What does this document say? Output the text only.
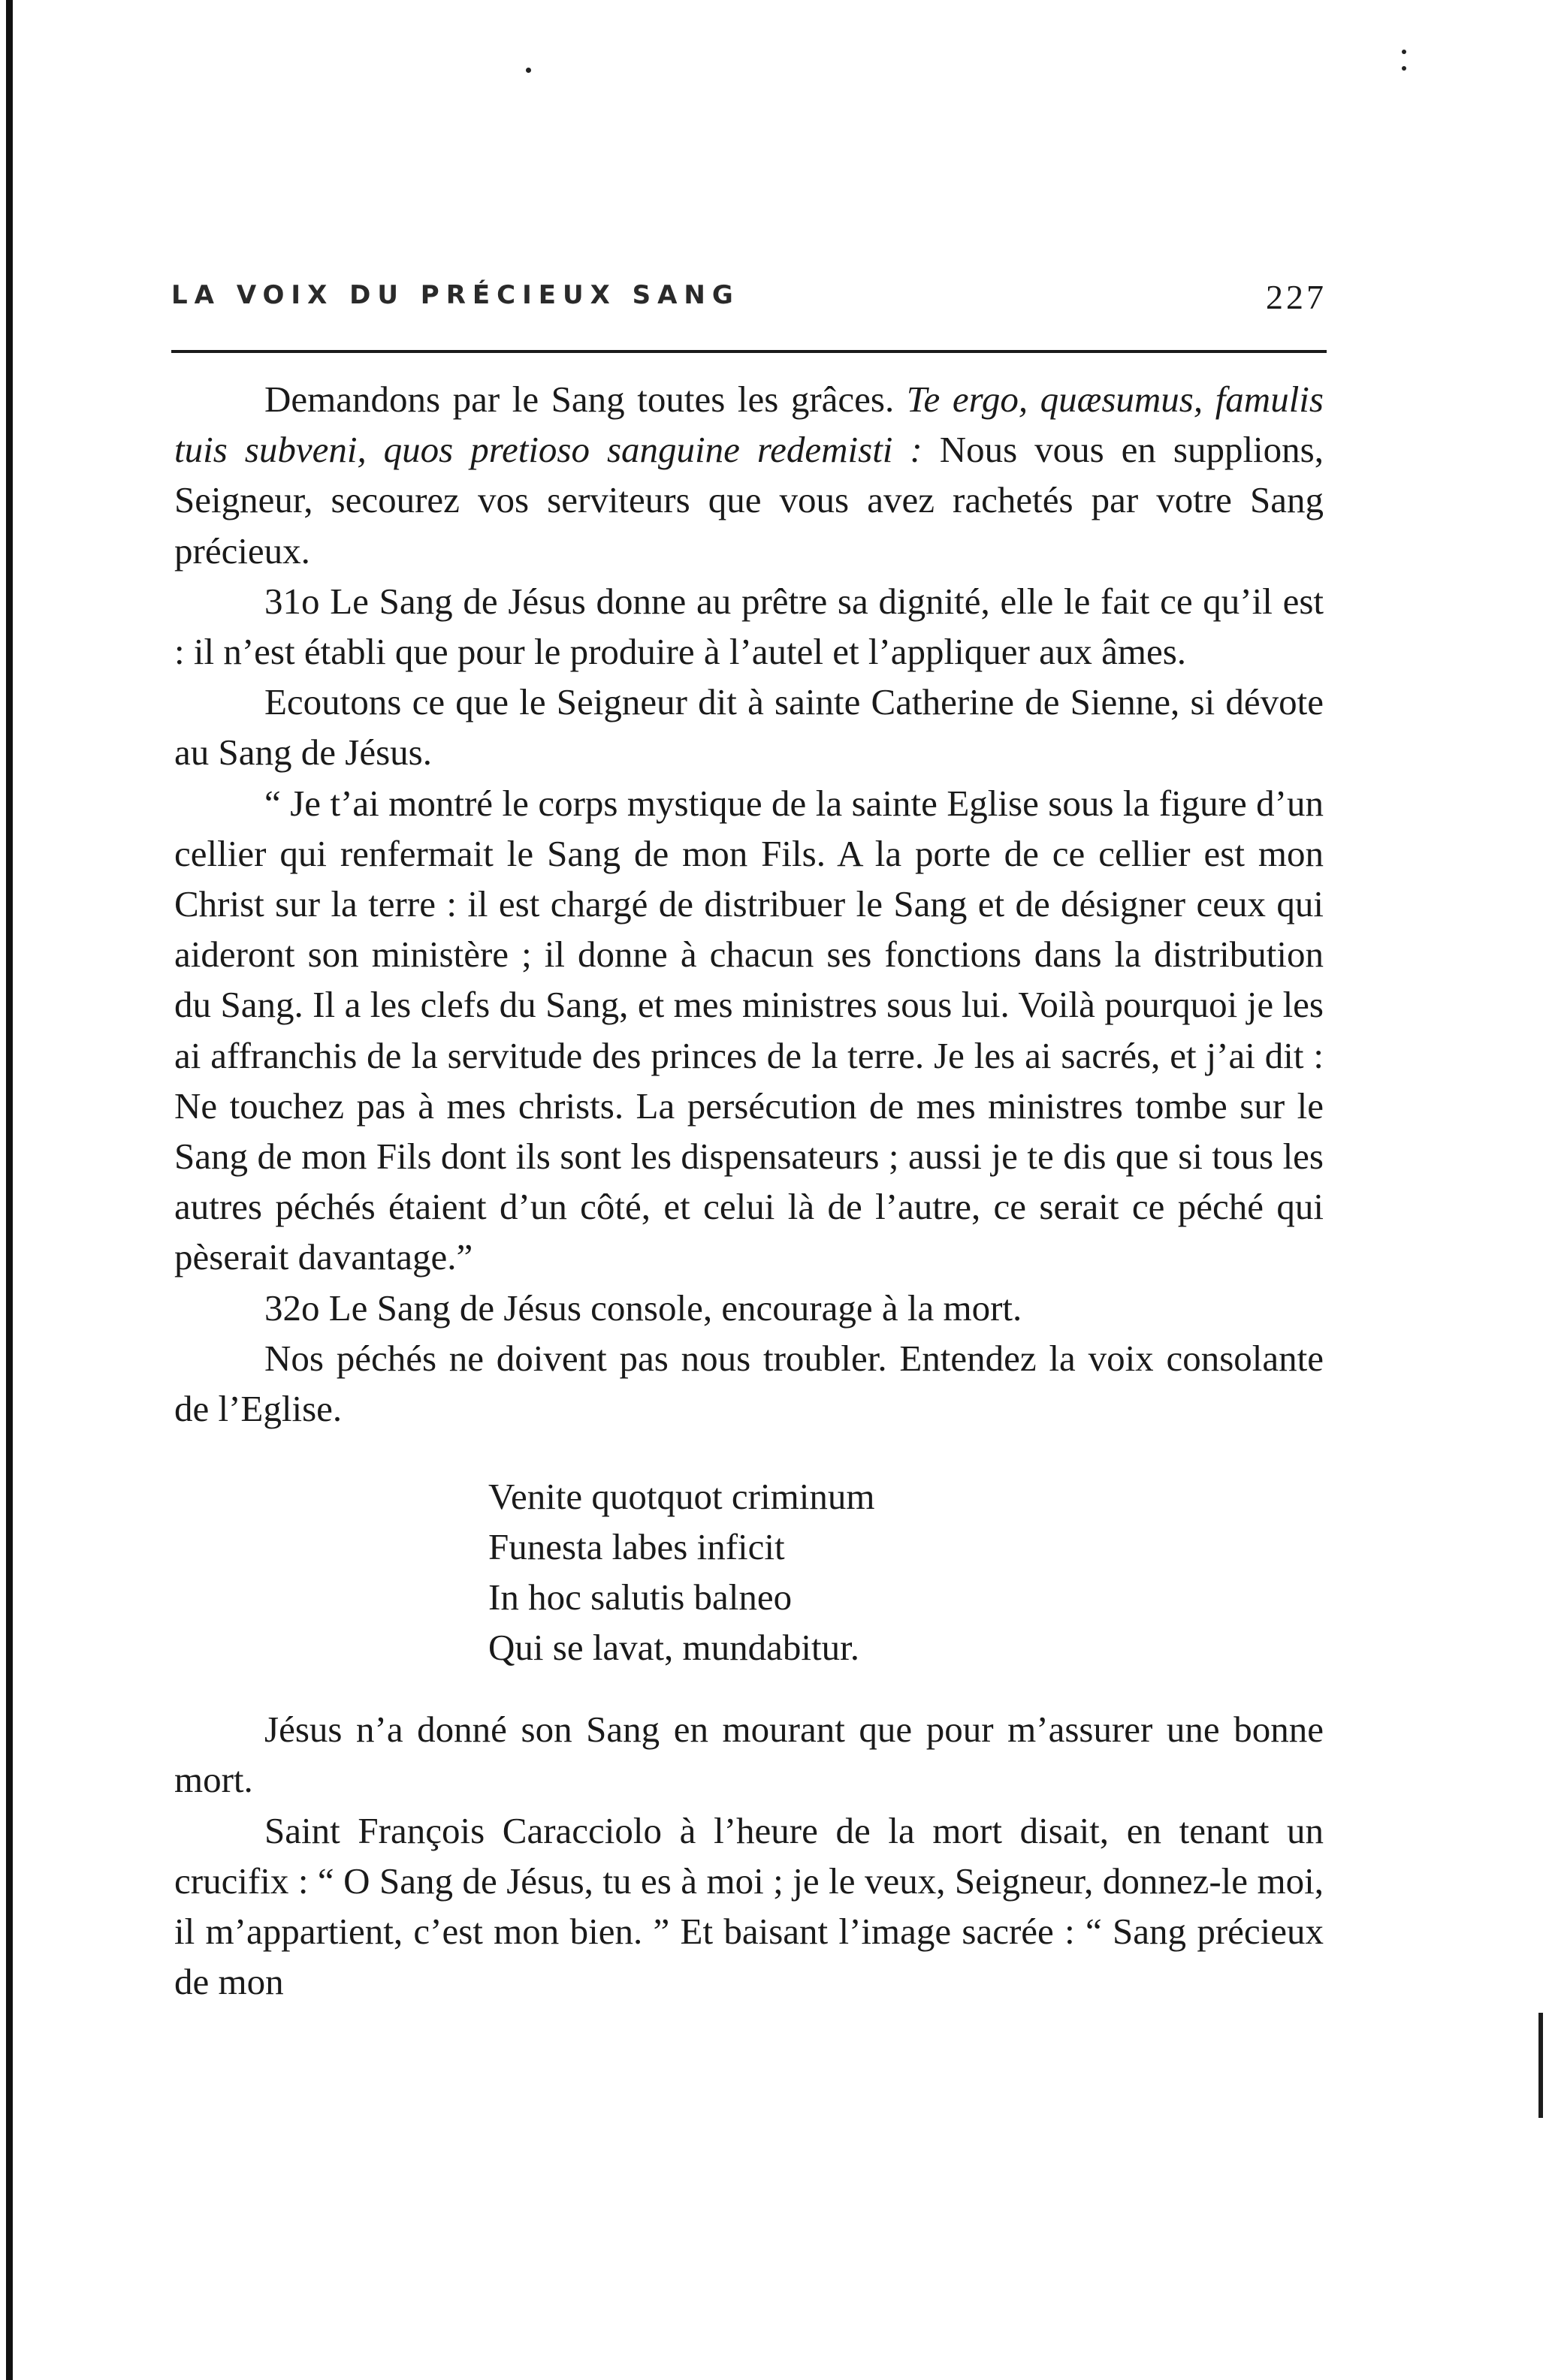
LA VOIX DU PRÉCIEUX SANG	227

Demandons par le Sang toutes les grâces. Te ergo, quæsumus, famulis tuis subveni, quos pretioso sanguine redemisti : Nous vous en supplions, Seigneur, secourez vos serviteurs que vous avez rachetés par votre Sang précieux.

31o Le Sang de Jésus donne au prêtre sa dignité, elle le fait ce qu’il est : il n’est établi que pour le produire à l’autel et l’appliquer aux âmes.

Ecoutons ce que le Seigneur dit à sainte Catherine de Sienne, si dévote au Sang de Jésus.

“ Je t’ai montré le corps mystique de la sainte Eglise sous la figure d’un cellier qui renfermait le Sang de mon Fils. A la porte de ce cellier est mon Christ sur la terre : il est chargé de distribuer le Sang et de désigner ceux qui aideront son ministère ; il donne à chacun ses fonctions dans la distribution du Sang. Il a les clefs du Sang, et mes ministres sous lui. Voilà pourquoi je les ai affranchis de la servitude des princes de la terre. Je les ai sacrés, et j’ai dit : Ne touchez pas à mes christs. La persécution de mes ministres tombe sur le Sang de mon Fils dont ils sont les dispensateurs ; aussi je te dis que si tous les autres péchés étaient d’un côté, et celui là de l’autre, ce serait ce péché qui pèserait davantage.”

32o Le Sang de Jésus console, encourage à la mort.

Nos péchés ne doivent pas nous troubler. Entendez la voix consolante de l’Eglise.

Venite quotquot criminum
Funesta labes inficit
In hoc salutis balneo
Qui se lavat, mundabitur.

Jésus n’a donné son Sang en mourant que pour m’assurer une bonne mort.

Saint François Caracciolo à l’heure de la mort disait, en tenant un crucifix : “ O Sang de Jésus, tu es à moi ; je le veux, Seigneur, donnez-le moi, il m’appartient, c’est mon bien. ” Et baisant l’image sacrée : “ Sang précieux de mon
